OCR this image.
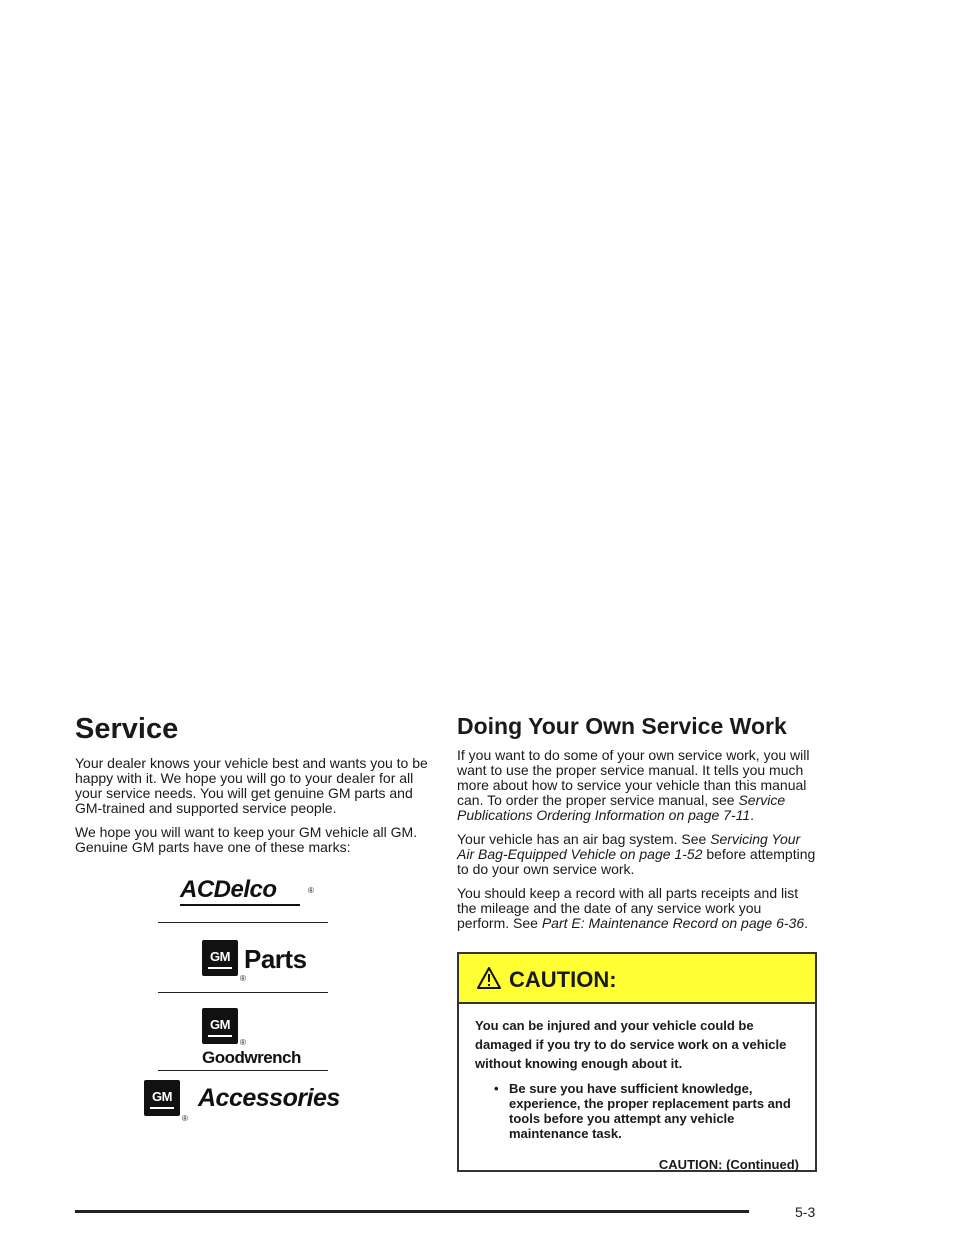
Service

Your dealer knows your vehicle best and wants you to be happy with it. We hope you will go to your dealer for all your service needs. You will get genuine GM parts and GM-trained and supported service people.

We hope you will want to keep your GM vehicle all GM. Genuine GM parts have one of these marks:

ACDelco	®
GM
®
Parts
GM
®
Goodwrench
GM
®
Accessories
Doing Your Own Service Work

If you want to do some of your own service work, you will want to use the proper service manual. It tells you much more about how to service your vehicle than this manual can. To order the proper service manual, see Service Publications Ordering Information on page 7-11.

Your vehicle has an air bag system. See Servicing Your Air Bag-Equipped Vehicle on page 1-52 before attempting to do your own service work.

You should keep a record with all parts receipts and list the mileage and the date of any service work you perform. See Part E: Maintenance Record on page 6-36.

CAUTION:

You can be injured and your vehicle could be damaged if you try to do service work on a vehicle without knowing enough about it.

• Be sure you have sufficient knowledge, experience, the proper replacement parts and tools before you attempt any vehicle maintenance task.
CAUTION: (Continued)
5-3
